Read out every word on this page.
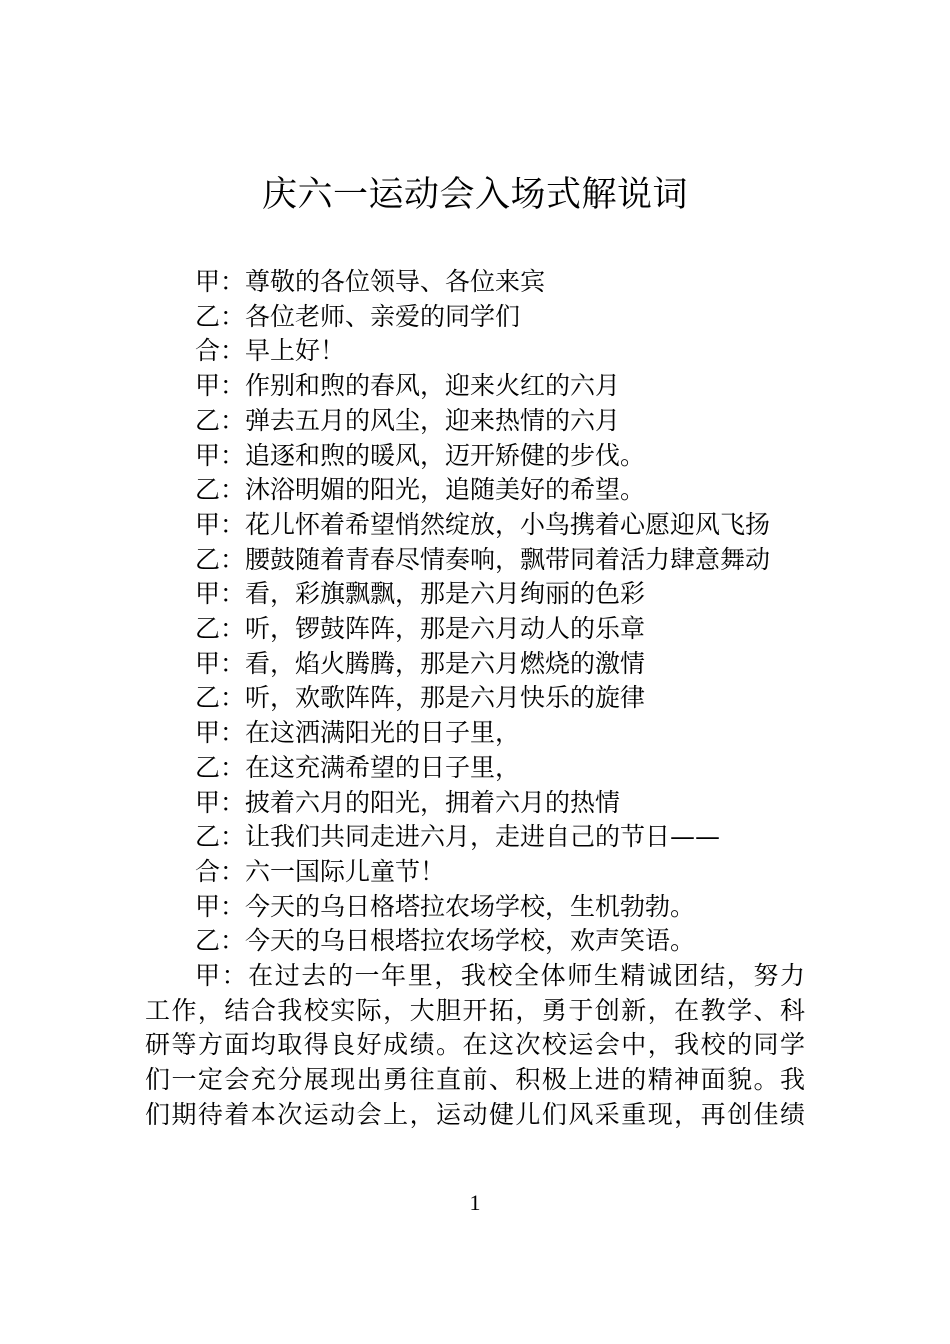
庆六一运动会入场式解说词
甲：尊敬的各位领导、各位来宾
乙：各位老师、亲爱的同学们
合：早上好！
甲：作别和煦的春风，迎来火红的六月
乙：弹去五月的风尘，迎来热情的六月
甲：追逐和煦的暖风，迈开矫健的步伐。
乙：沐浴明媚的阳光，追随美好的希望。
甲：花儿怀着希望悄然绽放，小鸟携着心愿迎风飞扬
乙：腰鼓随着青春尽情奏响，飘带同着活力肆意舞动
甲：看，彩旗飘飘，那是六月绚丽的色彩
乙：听，锣鼓阵阵，那是六月动人的乐章
甲：看，焰火腾腾，那是六月燃烧的激情
乙：听，欢歌阵阵，那是六月快乐的旋律
甲：在这洒满阳光的日子里，
乙：在这充满希望的日子里，
甲：披着六月的阳光，拥着六月的热情
乙：让我们共同走进六月，走进自己的节日——
合：六一国际儿童节！
甲：今天的乌日格塔拉农场学校，生机勃勃。
乙：今天的乌日根塔拉农场学校，欢声笑语。
甲：在过去的一年里，我校全体师生精诚团结，努力
工作，结合我校实际，大胆开拓，勇于创新，在教学、科
研等方面均取得良好成绩。在这次校运会中，我校的同学
们一定会充分展现出勇往直前、积极上进的精神面貌。我
们期待着本次运动会上，运动健儿们风采重现，再创佳绩
1
